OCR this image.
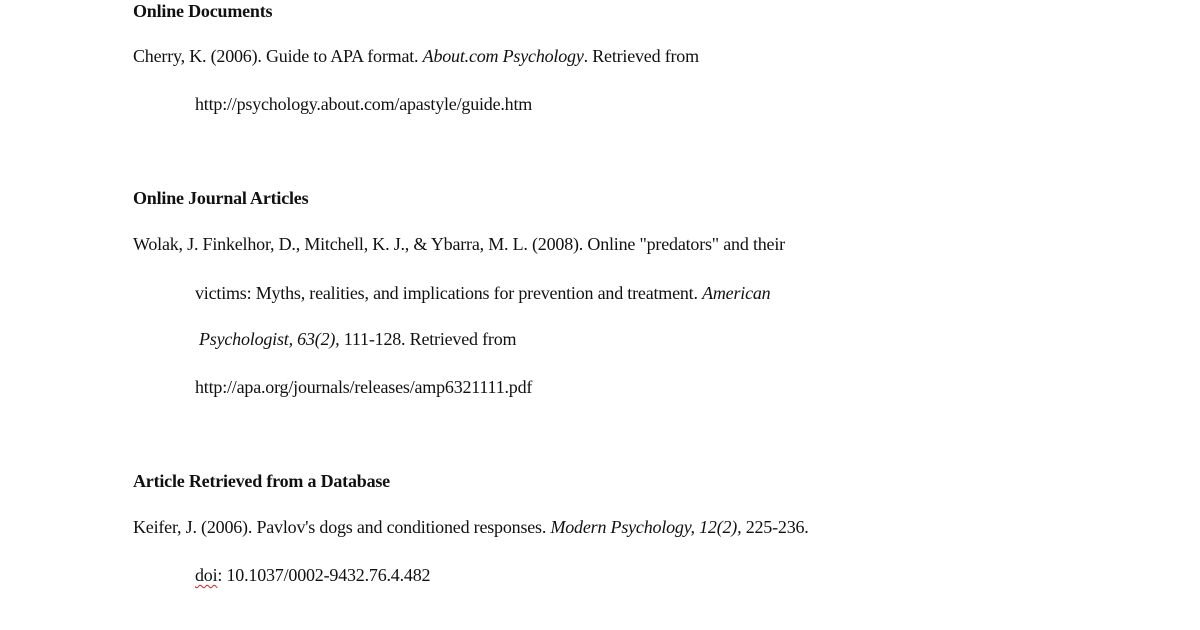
Online Documents
Cherry, K. (2006). Guide to APA format. About.com Psychology. Retrieved from
http://psychology.about.com/apastyle/guide.htm
Online Journal Articles
Wolak, J. Finkelhor, D., Mitchell, K. J., & Ybarra, M. L. (2008). Online "predators" and their
victims: Myths, realities, and implications for prevention and treatment. American
Psychologist, 63(2), 111-128. Retrieved from
http://apa.org/journals/releases/amp6321111.pdf
Article Retrieved from a Database
Keifer, J. (2006). Pavlov's dogs and conditioned responses. Modern Psychology, 12(2), 225-236.
doi: 10.1037/0002-9432.76.4.482
